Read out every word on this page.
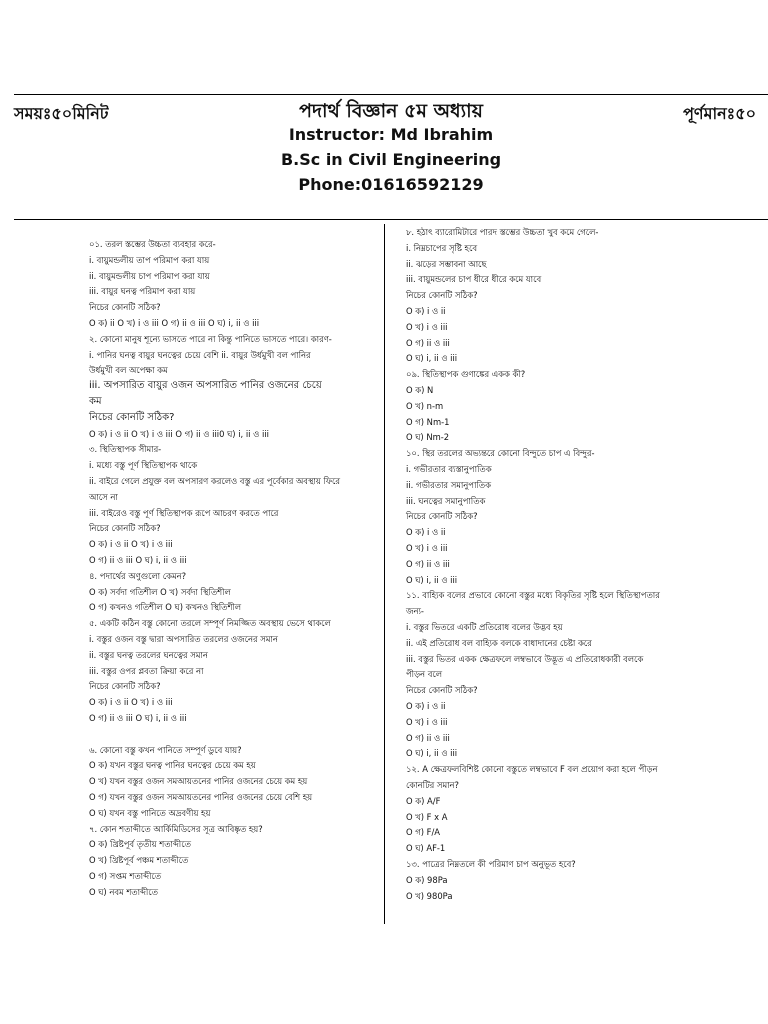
পদার্থ বিজ্ঞান ৫ম অধ্যায়
Instructor: Md Ibrahim
B.Sc in Civil Engineering
Phone:01616592129
সময়ঃ৫০মিনিট	পূর্ণমানঃ৫০
০১. তরল স্তম্ভের উচ্চতা ব্যবহার করে-
i. বায়ুমন্ডলীয় তাপ পরিমাপ করা যায়
ii. বায়ুমন্ডলীয় চাপ পরিমাপ করা যায়
iii. বায়ুর ঘনত্ব পরিমাপ করা যায়
নিচের কোনটি সঠিক?
O ক) ii O খ) i ও iii O গ) ii ও iii O ঘ) i, ii ও iii
২. কোনো মানুষ শূন্যে ভাসতে পারে না কিন্তু পানিতে ভাসতে পারে। কারণ-
i. পানির ঘনত্ব বায়ুর ঘনত্বের চেয়ে বেশি ii. বায়ুর উর্ধমুখী বল পানির
উর্ধমুখী বল অপেক্ষা কম
iii. অপসারিত বায়ুর ওজন অপসারিত পানির ওজনের চেয়ে
কম
নিচের কোনটি সঠিক?
O ক) i ও ii O খ) i ও iii O গ) ii ও iii0 ঘ) i, ii ও iii
৩. স্থিতিস্থাপক সীমার-
i. মধ্যে বস্তু পূর্ণ স্থিতিস্থাপক থাকে
ii. বাইরে গেলে প্রযুক্ত বল অপসারণ করলেও বস্তু এর পূর্বেকার অবস্থায় ফিরে
আসে না
iii. বাইরেও বস্তু পূর্ণ স্থিতিস্থাপক রূপে আচরণ করতে পারে
নিচের কোনটি সঠিক?
O ক) i ও ii O খ) i ও iii
O গ) ii ও iii O ঘ) i, ii ও iii
৪. পদার্থের অণুগুলো কেমন?
O ক) সর্বদা গতিশীল O খ) সর্বদা স্থিতিশীল
O গ) কখনও গতিশীল O ঘ) কখনও স্থিতিশীল
৫. একটি কঠিন বস্তু কোনো তরলে সম্পূর্ণ নিমজ্জিত অবস্থায় ভেসে থাকলে
i. বস্তুর ওজন বস্তু দ্বারা অপসারিত তরলের ওজনের সমান
ii. বস্তুর ঘনত্ব তরলের ঘনত্বের সমান
iii. বস্তুর ওপর প্লবতা ক্রিয়া করে না
নিচের কোনটি সঠিক?
O ক) i ও ii O খ) i ও iii
O গ) ii ও iii O ঘ) i, ii ও iii
৬. কোনো বস্তু কখন পানিতে সম্পূর্ণ ডুবে যায়?
O ক) যখন বস্তুর ঘনত্ব পানির ঘনত্বের চেয়ে কম হয়
O খ) যখন বস্তুর ওজন সমআয়তনের পানির ওজনের চেয়ে কম হয়
O গ) যখন বস্তুর ওজন সমআয়তনের পানির ওজনের চেয়ে বেশি হয়
O ঘ) যখন বস্তু পানিতে অদ্রবণীয় হয়
৭. কোন শতাব্দীতে আর্কিমিডিসের সূত্র আবিষ্কৃত হয়?
O ক) খ্রিষ্টপূর্ব তৃতীয় শতাব্দীতে
O খ) খ্রিষ্টপূর্ব পঞ্চম শতাব্দীতে
O গ) সপ্তম শতাব্দীতে
O ঘ) নবম শতাব্দীতে
৮. হঠাৎ ব্যারোমিটারে পারদ স্তম্ভের উচ্চতা খুব কমে গেলে-
i. নিম্নচাপের সৃষ্টি হবে
ii. ঝড়ের সম্ভাবনা আছে
iii. বায়ুমন্ডলের চাপ ধীরে ধীরে কমে যাবে
নিচের কোনটি সঠিক?
O ক) i ও ii
O খ) i ও iii
O গ) ii ও iii
O ঘ) i, ii ও iii
০৯. স্থিতিস্থাপক গুণাঙ্কের একক কী?
O ক) N
O খ) n-m
O গ) Nm-1
O ঘ) Nm-2
১০. স্থির তরলের অভ্যন্তরে কোনো বিন্দুতে চাপ এ বিন্দুর-
i. গভীরতার ব্যস্তানুপাতিক
ii. গভীরতার সমানুপাতিক
iii. ঘনত্বের সমানুপাতিক
নিচের কোনটি সঠিক?
O ক) i ও ii
O খ) i ও iii
O গ) ii ও iii
O ঘ) i, ii ও iii
১১. বাহ্যিক বলের প্রভাবে কোনো বস্তুর মধ্যে বিকৃতির সৃষ্টি হলে স্থিতিস্থাপতার
জন্য-
i. বস্তুর ভিতরে একটি প্রতিরোধ বলের উদ্ভব হয়
ii. এই প্রতিরোধ বল বাহ্যিক বলকে বাধাদানের চেষ্টা করে
iii. বস্তুর ভিতর একক ক্ষেত্রফলে লম্বভাবে উদ্ভূত এ প্রতিরোধকারী বলকে
পীড়ন বলে
নিচের কোনটি সঠিক?
O ক) i ও ii
O খ) i ও iii
O গ) ii ও iii
O ঘ) i, ii ও iii
১২. A ক্ষেত্রফলবিশিষ্ট কোনো বস্তুতে লম্বভাবে F বল প্রয়োগ করা হলে পীড়ন
কোনটির সমান?
O ক) A/F
O খ) F x A
O গ) F/A
O ঘ) AF-1
১৩. পাত্রের নিম্নতলে কী পরিমাণ চাপ অনুভূত হবে?
O ক) 98Pa
O খ) 980Pa
